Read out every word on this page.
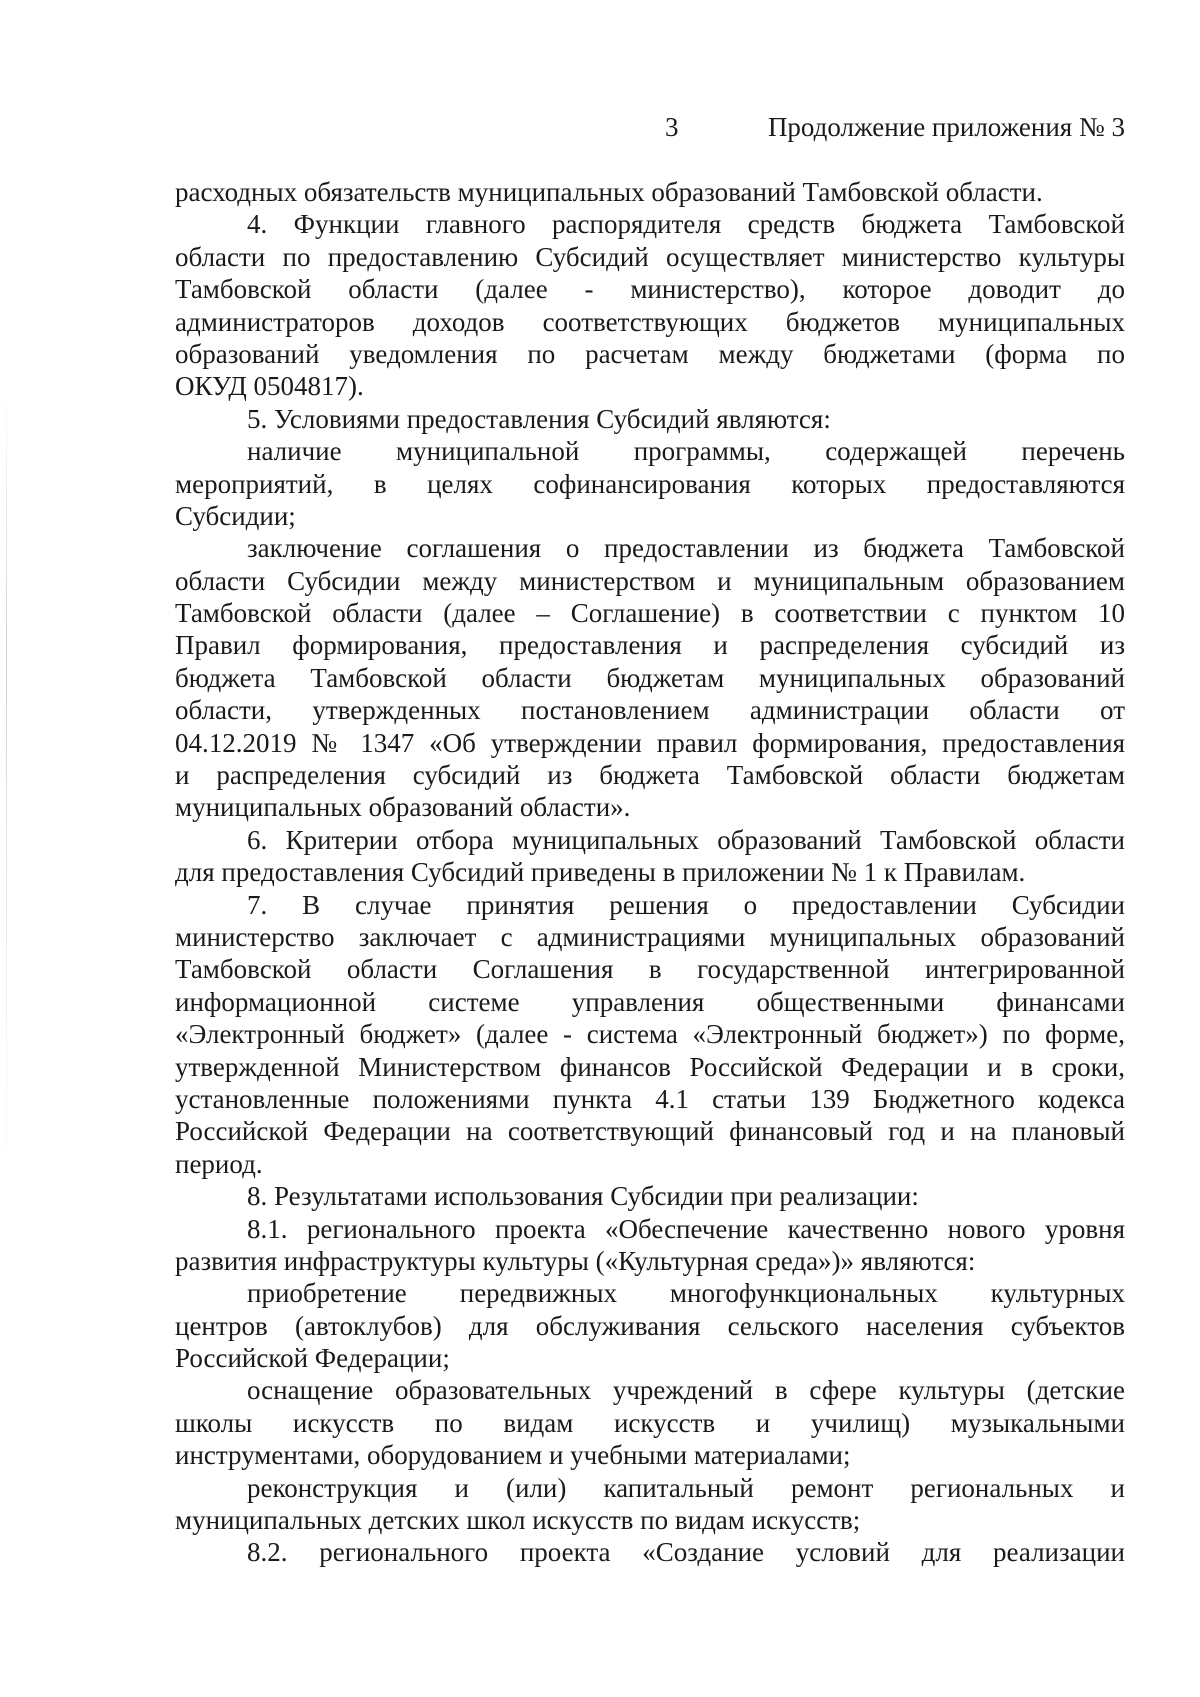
3	Продолжение приложения № 3
расходных обязательств муниципальных образований Тамбовской области.
4. Функции главного распорядителя средств бюджета Тамбовской
области по предоставлению Субсидий осуществляет министерство культуры
Тамбовской области (далее - министерство), которое доводит до
администраторов доходов соответствующих бюджетов муниципальных
образований уведомления по расчетам между бюджетами (форма по
ОКУД 0504817).
5. Условиями предоставления Субсидий являются:
наличие муниципальной программы, содержащей перечень
мероприятий, в целях софинансирования которых предоставляются
Субсидии;
заключение соглашения о предоставлении из бюджета Тамбовской
области Субсидии между министерством и муниципальным образованием
Тамбовской области (далее – Соглашение) в соответствии с пунктом 10
Правил формирования, предоставления и распределения субсидий из
бюджета Тамбовской области бюджетам муниципальных образований
области, утвержденных постановлением администрации области от
04.12.2019 № 1347 «Об утверждении правил формирования, предоставления
и распределения субсидий из бюджета Тамбовской области бюджетам
муниципальных образований области».
6. Критерии отбора муниципальных образований Тамбовской области
для предоставления Субсидий приведены в приложении № 1 к Правилам.
7. В случае принятия решения о предоставлении Субсидии
министерство заключает с администрациями муниципальных образований
Тамбовской области Соглашения в государственной интегрированной
информационной системе управления общественными финансами
«Электронный бюджет» (далее - система «Электронный бюджет») по форме,
утвержденной Министерством финансов Российской Федерации и в сроки,
установленные положениями пункта 4.1 статьи 139 Бюджетного кодекса
Российской Федерации на соответствующий финансовый год и на плановый
период.
8. Результатами использования Субсидии при реализации:
8.1. регионального проекта «Обеспечение качественно нового уровня
развития инфраструктуры культуры («Культурная среда»)» являются:
приобретение передвижных многофункциональных культурных
центров (автоклубов) для обслуживания сельского населения субъектов
Российской Федерации;
оснащение образовательных учреждений в сфере культуры (детские
школы искусств по видам искусств и училищ) музыкальными
инструментами, оборудованием и учебными материалами;
реконструкция и (или) капитальный ремонт региональных и
муниципальных детских школ искусств по видам искусств;
8.2. регионального проекта «Создание условий для реализации
